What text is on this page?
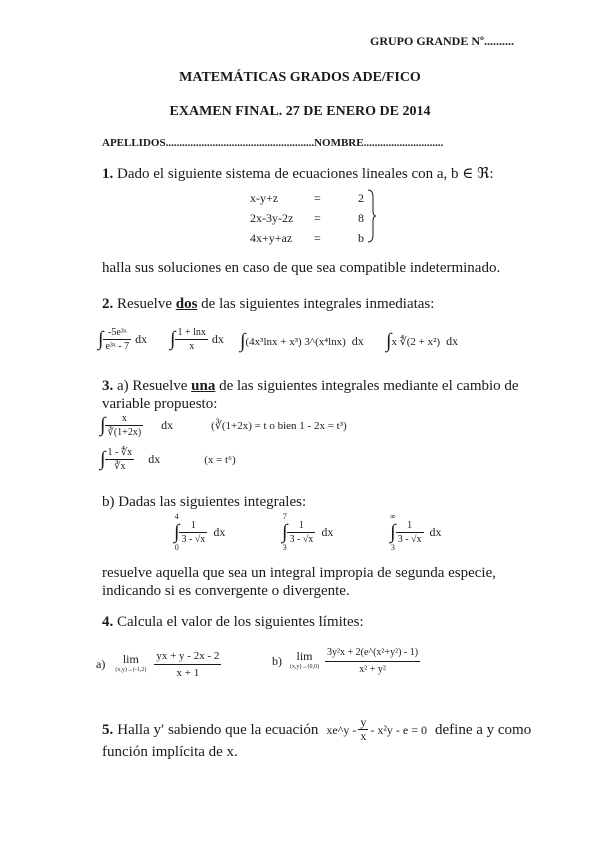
GRUPO GRANDE Nº..........
MATEMÁTICAS GRADOS ADE/FICO
EXAMEN FINAL. 27 DE ENERO DE 2014
APELLIDOS......................................................NOMBRE.............................
1. Dado el siguiente sistema de ecuaciones lineales con a, b ∈ ℜ:
x-y+z	=	2
2x-3y-2z	=	8
4x+y+az	=	b
halla sus soluciones en caso de que sea compatible indeterminado.
2. Resuelve dos de las siguientes integrales inmediatas:
∫ $\frac{\text{-5e³ˣ}}{\text{e³ˣ - 7}}$ dx ∫ $\frac{1 + \ln x}{x}$ dx ∫ (4x³lnx + x³) 3^(x⁴lnx) dx ∫ x ∜(2 + x²) dx
3. a) Resuelve una de las siguientes integrales mediante el cambio de
variable propuesto:
∫ $\frac{x}{∛(1+2x)}$ dx	(∛(1+2x) = t o bien 1 - 2x = t³)
∫ $\frac{1 - ∜x}{∛x}$ dx	(x = t⁶)
b) Dadas las siguientes integrales:
4
∫
0
$\frac{1}{3 - √x}$ dx
7
∫
3
$\frac{1}{3 - √x}$ dx
∞
∫
3
$\frac{1}{3 - √x}$ dx
resuelve aquella que sea un integral impropia de segunda especie,
indicando si es convergente o divergente.
4. Calcula el valor de los siguientes límites:
a) lim
$(x,y)\to(-1,2) \frac{yx + y - 2x - 2}{x + 1}$	b) lim
$(x,y)\to(0,0) \frac{\text{3y²x + 2(e\textasciicircum{}(x²+y²) - 1)}}{\text{x² + y²}}$
5. Halla y′ sabiendo que la ecuación xe^y - $\frac{y}{x} - x^2y - e = 0$ define a y como
función implícita de x.
